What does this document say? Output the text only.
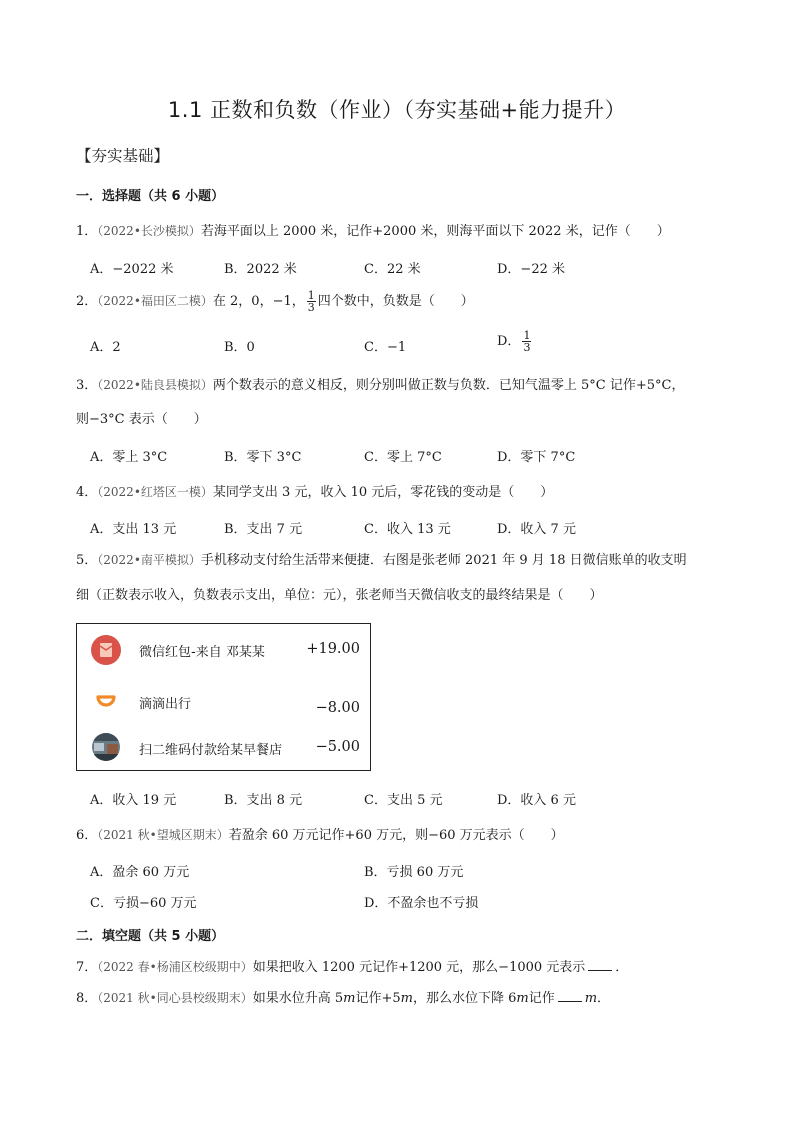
1.1 正数和负数（作业）（夯实基础+能力提升）
【夯实基础】
一．选择题（共 6 小题）
1．（2022•长沙模拟）若海平面以上 2000 米，记作+2000 米，则海平面以下 2022 米，记作（　　）
A．−2022 米	B．2022 米	C．22 米	D．−22 米
2．（2022•福田区二模）在 2，0，−1， $\frac{1}{3}$ 四个数中，负数是（　　）
A．2	B．0	C．−1	D． $\frac{1}{3}$
3．（2022•陆良县模拟）两个数表示的意义相反，则分别叫做正数与负数．已知气温零上 5°C 记作+5°C，
则−3°C 表示（　　）
A．零上 3°C	B．零下 3°C	C．零上 7°C	D．零下 7°C
4．（2022•红塔区一模）某同学支出 3 元，收入 10 元后，零花钱的变动是（　　）
A．支出 13 元	B．支出 7 元	C．收入 13 元	D．收入 7 元
5．（2022•南平模拟）手机移动支付给生活带来便捷．右图是张老师 2021 年 9 月 18 日微信账单的收支明
细（正数表示收入，负数表示支出，单位：元），张老师当天微信收支的最终结果是（　　）
微信红包-来自 邓某某	+19.00
滴滴出行	−8.00
扫二维码付款给某早餐店 −5.00
A．收入 19 元	B．支出 8 元	C．支出 5 元	D．收入 6 元
6．（2021 秋•望城区期末）若盈余 60 万元记作+60 万元，则−60 万元表示（　　）
A．盈余 60 万元	B．亏损 60 万元
C．亏损−60 万元	D．不盈余也不亏损
二．填空题（共 5 小题）
7．（2022 春•杨浦区校级期中）如果把收入 1200 元记作+1200 元，那么−1000 元表示 ．
8．（2021 秋•同心县校级期末）如果水位升高 5m记作+5m，那么水位下降 6m记作 m．
